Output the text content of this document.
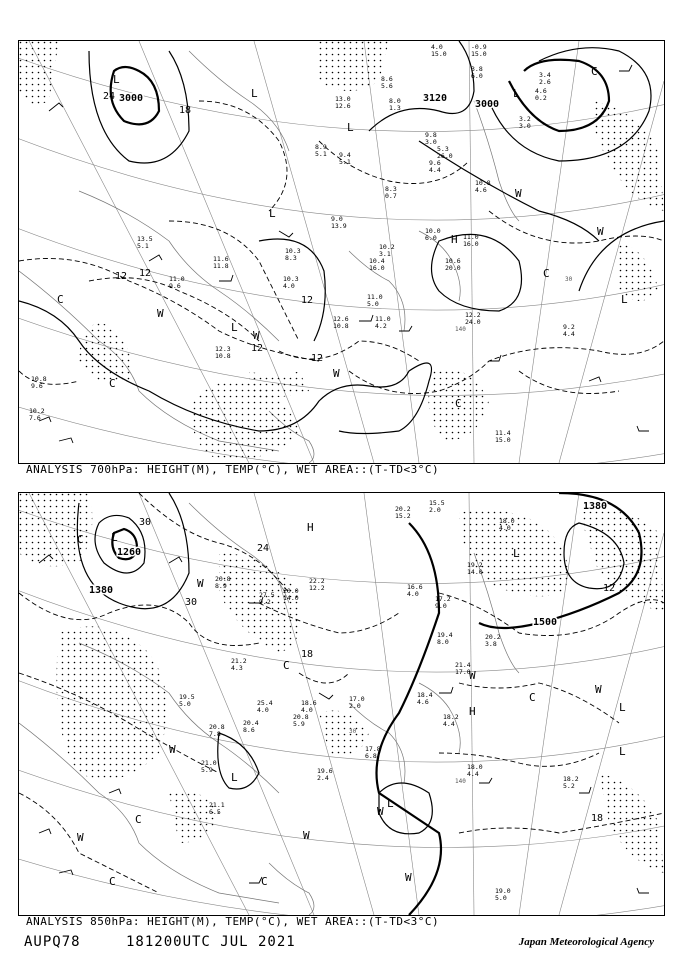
140
30
3000	3120
3000
24
18
12 12
12
12
12
L
L
L
L
L
L
L
H
W
W
W
W
W
C
C
C
C
C
-0.9 15.0
4.0 15.0
3.8 6.0
3.2 3.0
3.4 2.6
4.6 0.2
8.6 5.6
8.0 1.3
13.0 12.6
8.9 5.1 9.4 5.1
9.8 3.0
5.3 26.0
9.6 4.4
8.3 0.7
10.8 4.6
9.0 13.9
10.2 3.1
10.4 16.0
10.6 20.0
11.0 16.0
10.0 6.0
11.0 5.0
11.0 4.2
12.2 24.0
9.2 4.4
11.6 11.8
10.3 8.3
12.6 10.8
12.3 10.8
11.0 9.6
10.8 9.6
10.2 7.6
11.4 15.0
10.3 4.0
13.5 5.1
ANALYSIS 700hPa: HEIGHT(M), TEMP(°C), WET AREA::(T-TD<3°C)
140
30
1380
1260
1380
1500
30
30
24
18
12
18
L
L
L
L
L
L
H
H
W
W
W	W
W
W
W
W
C
C
C
C
C
C
20.2 15.2
15.5 2.0
18.0 4.0
19.2 14.0
17.2 9.0
16.6 4.0
19.4 8.0
20.2 3.8
21.4 17.0
18.4 4.6
18.2 4.4
18.0 4.4
18.2 5.2
19.0 5.0
17.8 6.8
19.6 2.4
20.8 5.9
21.1 6.5
21.0 5.9
20.4 8.6
22.2 12.2
27.5 9.2
20.0 14.0
21.2 4.3
25.4 4.0
19.5 5.0
20.8 7.8
18.6 4.0
17.0 2.0
20.8 8.9
ANALYSIS 850hPa: HEIGHT(M), TEMP(°C), WET AREA::(T-TD<3°C)
AUPQ78	181200UTC JUL 2021	Japan Meteorological Agency
